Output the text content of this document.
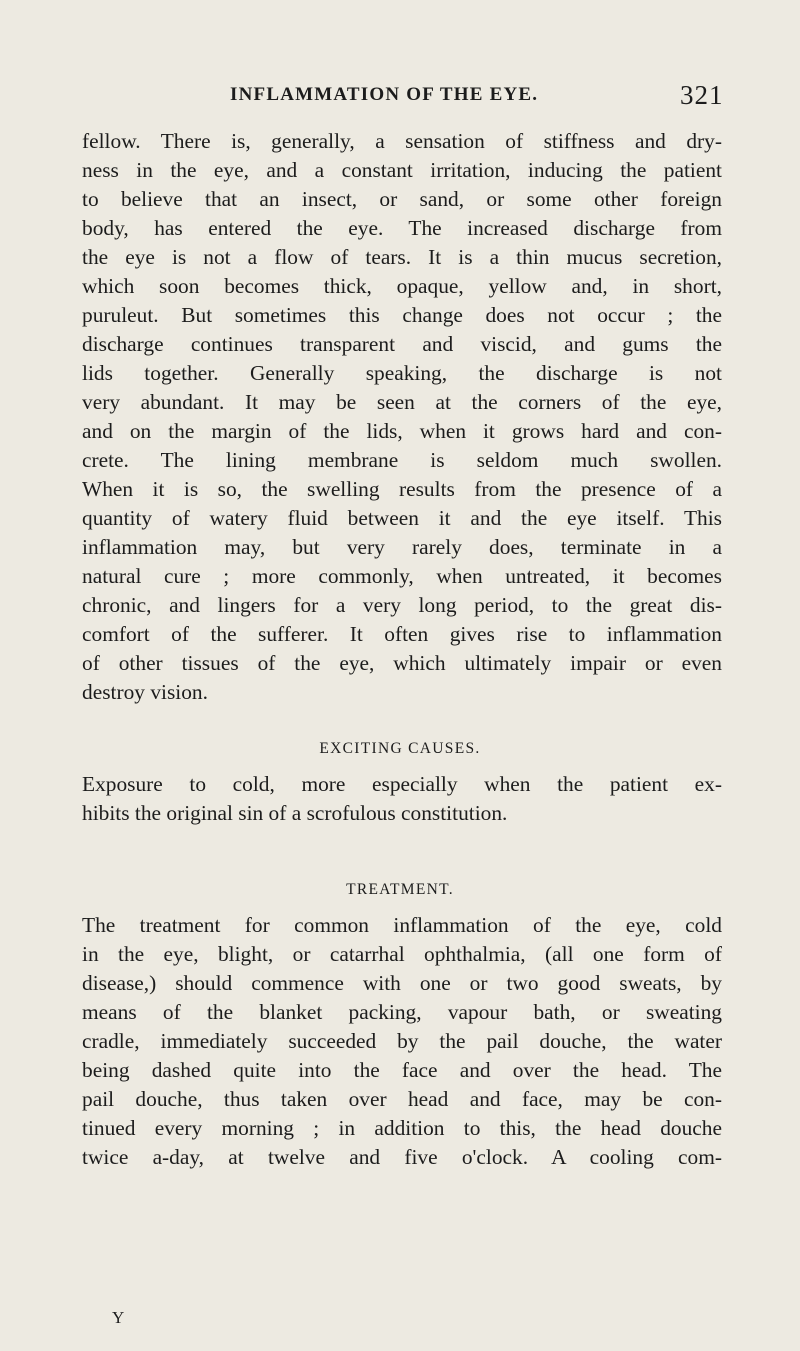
INFLAMMATION OF THE EYE.	321
fellow. There is, generally, a sensation of stiffness and dry-
ness in the eye, and a constant irritation, inducing the patient
to believe that an insect, or sand, or some other foreign
body, has entered the eye. The increased discharge from
the eye is not a flow of tears. It is a thin mucus secretion,
which soon becomes thick, opaque, yellow and, in short,
puruleut. But sometimes this change does not occur ; the
discharge continues transparent and viscid, and gums the
lids together. Generally speaking, the discharge is not
very abundant. It may be seen at the corners of the eye,
and on the margin of the lids, when it grows hard and con-
crete. The lining membrane is seldom much swollen.
When it is so, the swelling results from the presence of a
quantity of watery fluid between it and the eye itself. This
inflammation may, but very rarely does, terminate in a
natural cure ; more commonly, when untreated, it becomes
chronic, and lingers for a very long period, to the great dis-
comfort of the sufferer. It often gives rise to inflammation
of other tissues of the eye, which ultimately impair or even
destroy vision.
EXCITING CAUSES.
Exposure to cold, more especially when the patient ex-
hibits the original sin of a scrofulous constitution.
TREATMENT.
The treatment for common inflammation of the eye, cold
in the eye, blight, or catarrhal ophthalmia, (all one form of
disease,) should commence with one or two good sweats, by
means of the blanket packing, vapour bath, or sweating
cradle, immediately succeeded by the pail douche, the water
being dashed quite into the face and over the head. The
pail douche, thus taken over head and face, may be con-
tinued every morning ; in addition to this, the head douche
twice a-day, at twelve and five o'clock. A cooling com-
Y
